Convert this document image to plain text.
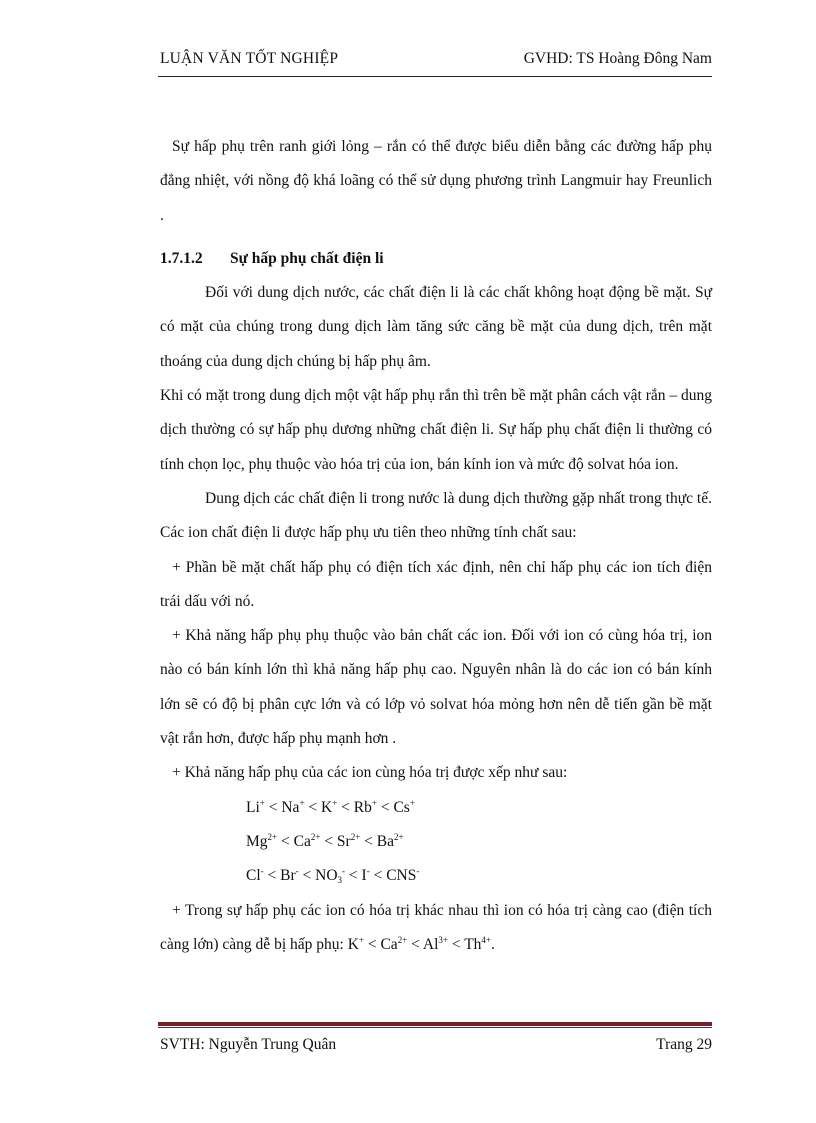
LUẬN VĂN TỐT NGHIỆP	GVHD: TS Hoàng Đông Nam

Sự hấp phụ trên ranh giới lỏng – rắn có thể được biểu diễn bằng các đường hấp phụ đẳng nhiệt, với nồng độ khá loãng có thể sử dụng phương trình Langmuir hay Freunlich .

1.7.1.2 Sự hấp phụ chất điện li

Đối với dung dịch nước, các chất điện li là các chất không hoạt động bề mặt. Sự có mặt của chúng trong dung dịch làm tăng sức căng bề mặt của dung dịch, trên mặt thoáng của dung dịch chúng bị hấp phụ âm.

Khi có mặt trong dung dịch một vật hấp phụ rắn thì trên bề mặt phân cách vật rắn – dung dịch thường có sự hấp phụ dương những chất điện li. Sự hấp phụ chất điện li thường có tính chọn lọc, phụ thuộc vào hóa trị của ion, bán kính ion và mức độ solvat hóa ion.

Dung dịch các chất điện li trong nước là dung dịch thường gặp nhất trong thực tế. Các ion chất điện li được hấp phụ ưu tiên theo những tính chất sau:

+ Phần bề mặt chất hấp phụ có điện tích xác định, nên chỉ hấp phụ các ion tích điện trái dấu với nó.

+ Khả năng hấp phụ phụ thuộc vào bản chất các ion. Đối với ion có cùng hóa trị, ion nào có bán kính lớn thì khả năng hấp phụ cao. Nguyên nhân là do các ion có bán kính lớn sẽ có độ bị phân cực lớn và có lớp vỏ solvat hóa mỏng hơn nên dễ tiến gần bề mặt vật rắn hơn, được hấp phụ mạnh hơn .

+ Khả năng hấp phụ của các ion cùng hóa trị được xếp như sau:

Li+ < Na+ < K+ < Rb+ < Cs+

$Mg^{2+} < Ca^{2+} < Sr^{2+} < Ba^{2+}$

$Cl^- < Br^- < NO_3^- < I^- < CNS^-$

+ Trong sự hấp phụ các ion có hóa trị khác nhau thì ion có hóa trị càng cao (điện tích càng lớn) càng dễ bị hấp phụ: $K^+ < Ca^{2+} < Al^{3+} < Th^{4+}$.

SVTH: Nguyễn Trung Quân	Trang 29
